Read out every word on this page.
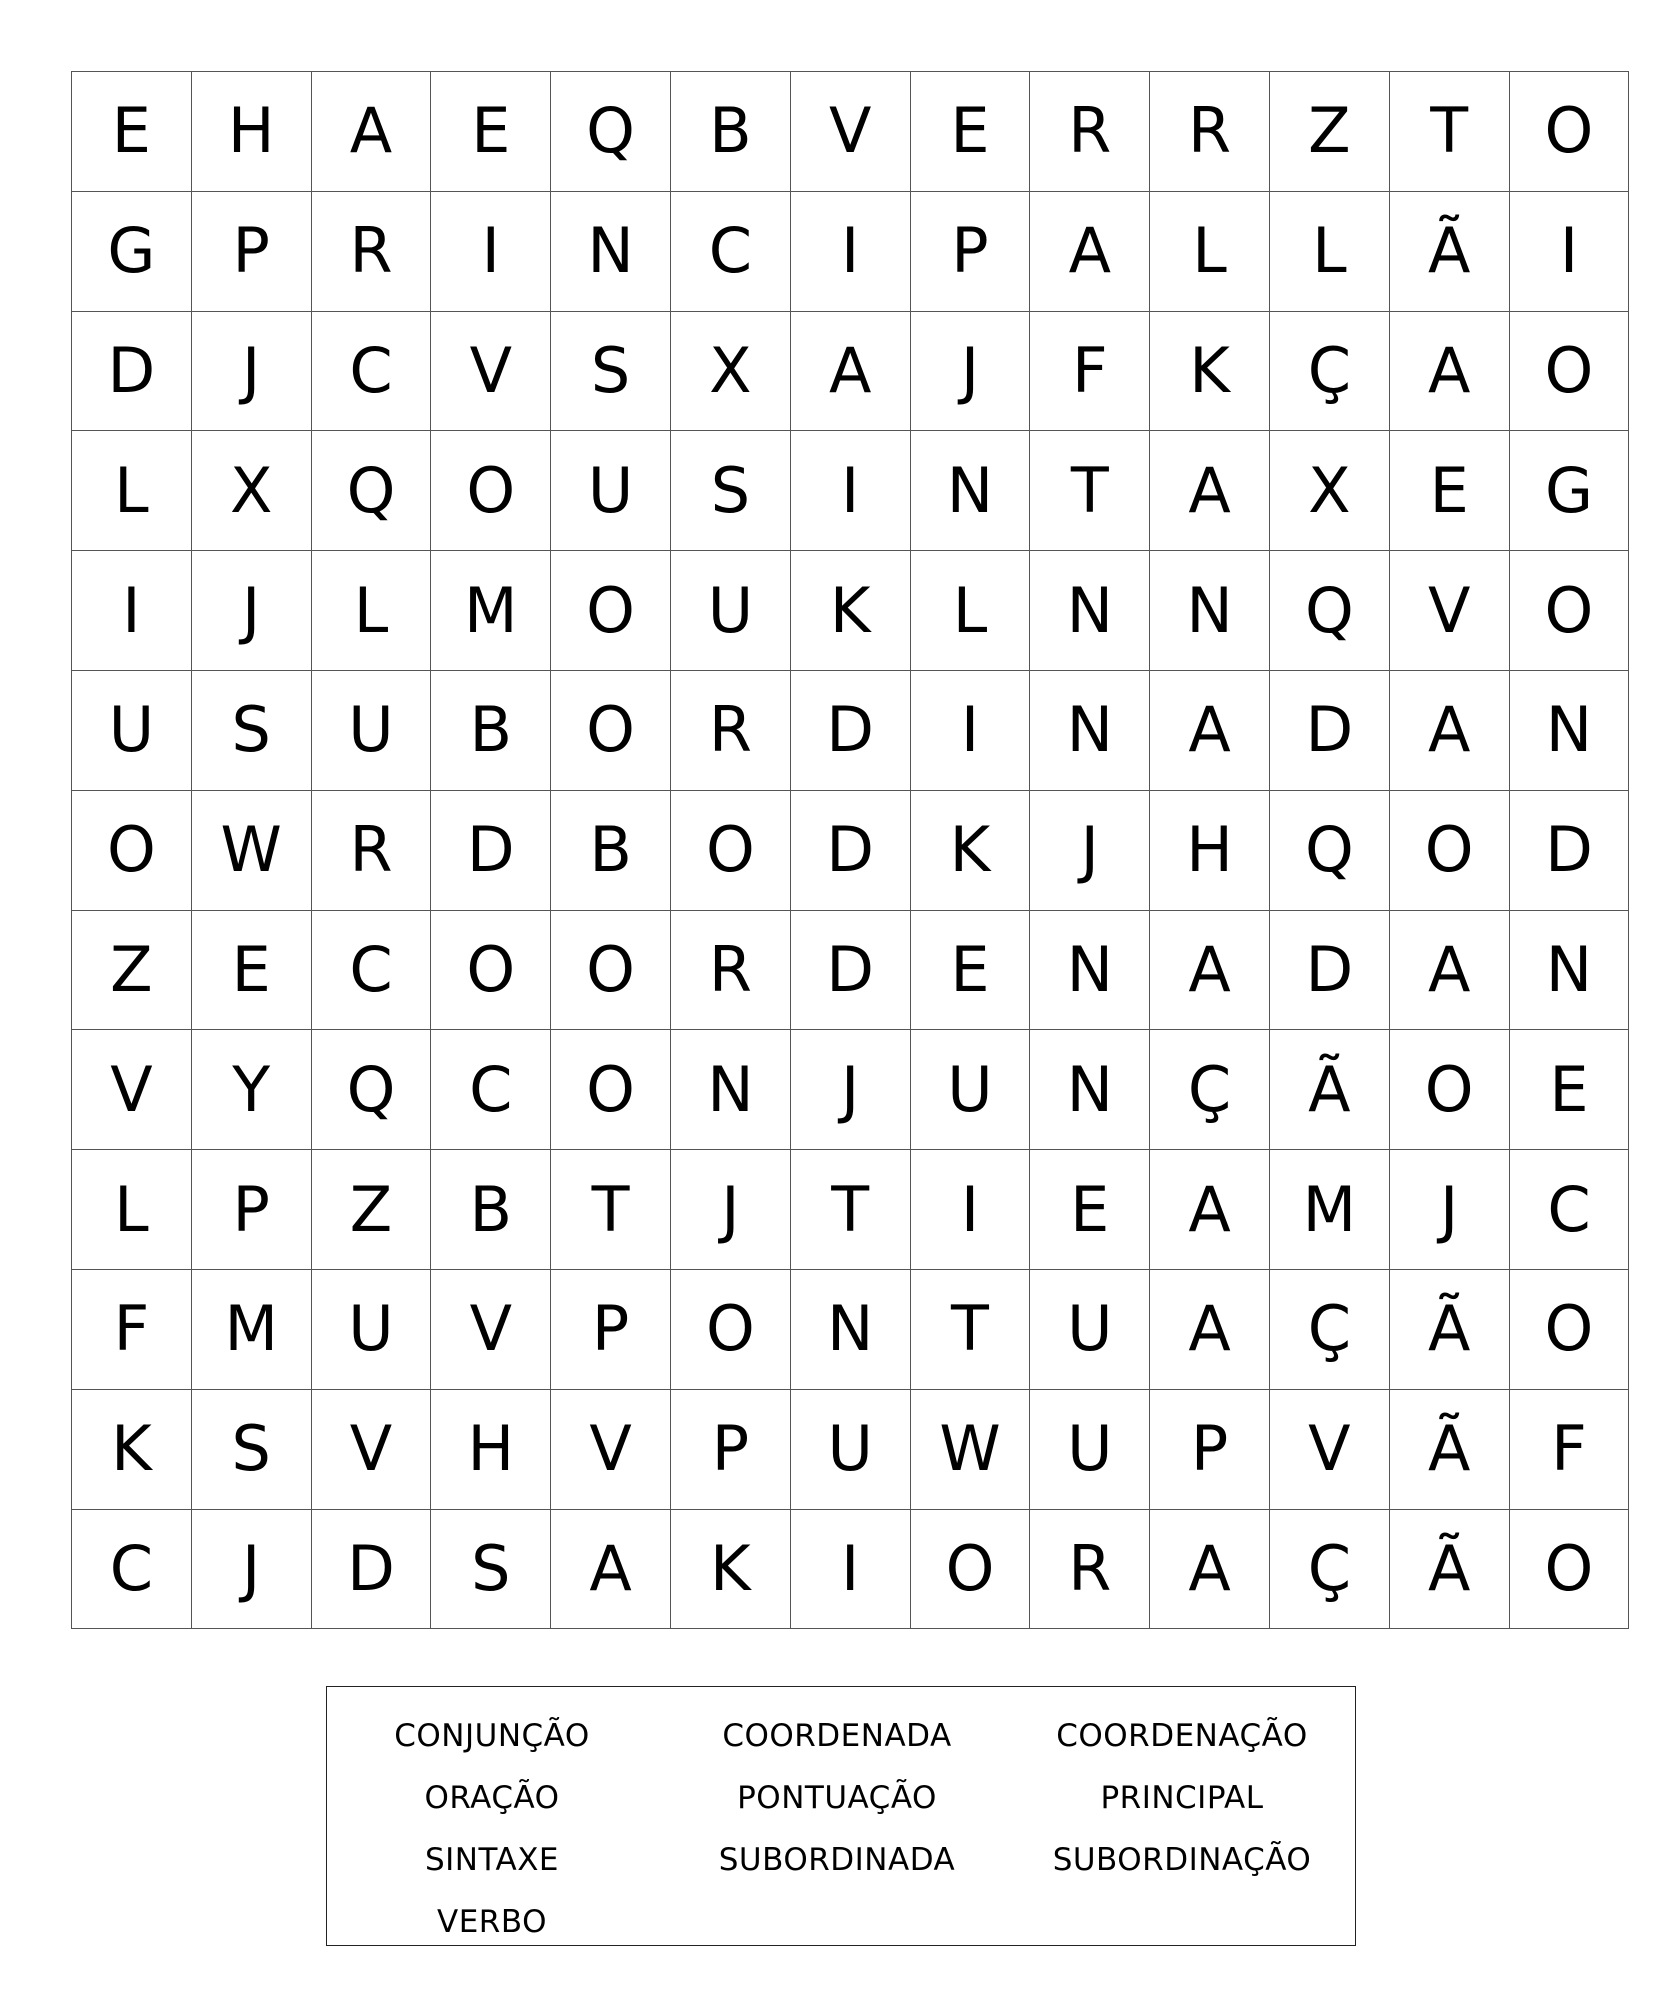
E	H	A	E	Q	B	V	E	R	R	Z	T	O
G	P	R	I	N	C	I	P	A	L	L	Ã	I
D	J	C	V	S	X	A	J	F	K	Ç	A	O
L	X	Q	O	U	S	I	N	T	A	X	E	G
I	J	L	M	O	U	K	L	N	N	Q	V	O
U	S	U	B	O	R	D	I	N	A	D	A	N
O	W	R	D	B	O	D	K	J	H	Q	O	D
Z	E	C	O	O	R	D	E	N	A	D	A	N
V	Y	Q	C	O	N	J	U	N	Ç	Ã	O	E
L	P	Z	B	T	J	T	I	E	A	M	J	C
F	M	U	V	P	O	N	T	U	A	Ç	Ã	O
K	S	V	H	V	P	U	W	U	P	V	Ã	F
C	J	D	S	A	K	I	O	R	A	Ç	Ã	O
CONJUNÇÃO
ORAÇÃO
SINTAXE
VERBO
COORDENADA
PONTUAÇÃO
SUBORDINADA
COORDENAÇÃO
PRINCIPAL
SUBORDINAÇÃO
